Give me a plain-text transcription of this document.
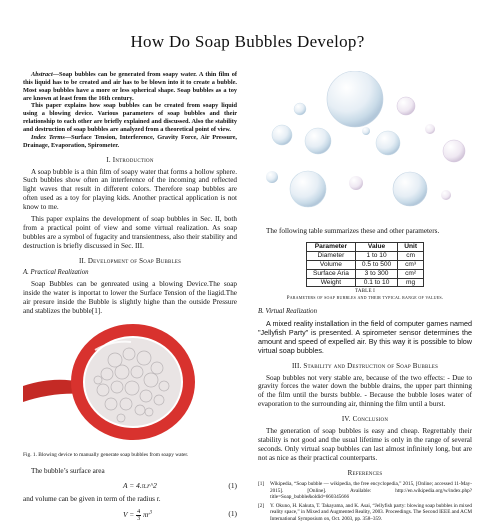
How Do Soap Bubbles Develop?

Abstract—Soap bubbles can be generated from soapy water. A thin film of this liquid has to be created and air has to be blown into it to create a bubble. Most soap bubbles have a more or less spherical shape. Soap bubbles as a toy are known at least from the 16th century.

This paper explains how soap bubbles can be created from soapy liquid using a blowing device. Various parameters of soap bubbles and their relationship to each other are briefly explained and discussed. Also the stability and destruction of soap bubbles are analyzed from a theoretical point of view.

Index Terms—Surface Tension, Interference, Gravity Force, Air Pressure, Drainage, Evaporation, Spirometer.

I. Introduction

A soap bubble is a thin film of soapy water that forms a hollow sphere. Such bubbles show often an interference of the incoming and reflected light waves that result in different colors. Therefore soap bubbles are often used as a toy for playing kids. Another practical application is not know to me.

This paper explains the development of soap bubbles in Sec. II, both from a practical point of view and some virtual realization. As soap bubbles are a symbol of fugacity and transientness, also their stability and destruction is briefly discussed in Sec. III.

II. Development of Soap Bubbles
A. Practical Realization

Soap Bubbles can be genreated using a blowing Device.The soap inside the water is inportat to lower the Surface Tension of the liagid.The air presure inside the Bubble is slightly highe than the outside Pressure and stablizes the bubble[1].

Fig. 1. Blowing device to manually generate soap bubbles from soapy water.

The bubble’s surface area

A = 4.π.r^2	(1)

and volume can be given in term of the radius r.

V = 4
3 $\pi r^3$	(1)

The following table summarizes these and other parameters.

Parameter	Value	Unit
Diameter	1 to 10	cm
Volume	0.5 to 500	cm³
Surface Aria	3 to 300	cm²
Weight	0.1 to 10	mg
TABLE I
Parameters of soap bubbles and their typical range of values.
B. Virtual Realization

A mixed reality installation in the field of computer games named "Jellyfish Party" is presented. A spirometer sensor determines the amount and speed of expelled air. By this way it is possible to blow virtual soap bubbles.

III. Stability and Destruction of Soap Bubbles

Soap bubbles not very stable are, because of the two effects: - Due to gravity forces the water down the bubble drains, the upper part thinning of the film until the bursts bubble. - Because the bubble loses water of evaporation to the surrounding air, thinning the film until a burst.

IV. Conclusion

The generation of soap bubbles is easy and cheap. Regrettably their stability is not good and the usual lifetime is only in the range of several seconds. Only virtual soap bubbles can last almost infinitely long, but are not as nice as their practical counterparts.

References
[1]	Wikipedia, “Soap bubble — wikipedia, the free encyclopedia,” 2015, [Online; accessed 11-May-2015]. [Online]. Available: http://en.wikipedia.org/w/index.php?title=Soap_bubble&oldid=660345666
[2]	Y. Okuno, H. Kakuta, T. Takayama, and K. Asai, “Jellyfish party: blowing soap bubbles in mixed reality space,” in Mixed and Augmented Reality, 2003. Proceedings. The Second IEEE and ACM International Symposium on, Oct. 2003, pp. 358–359.
